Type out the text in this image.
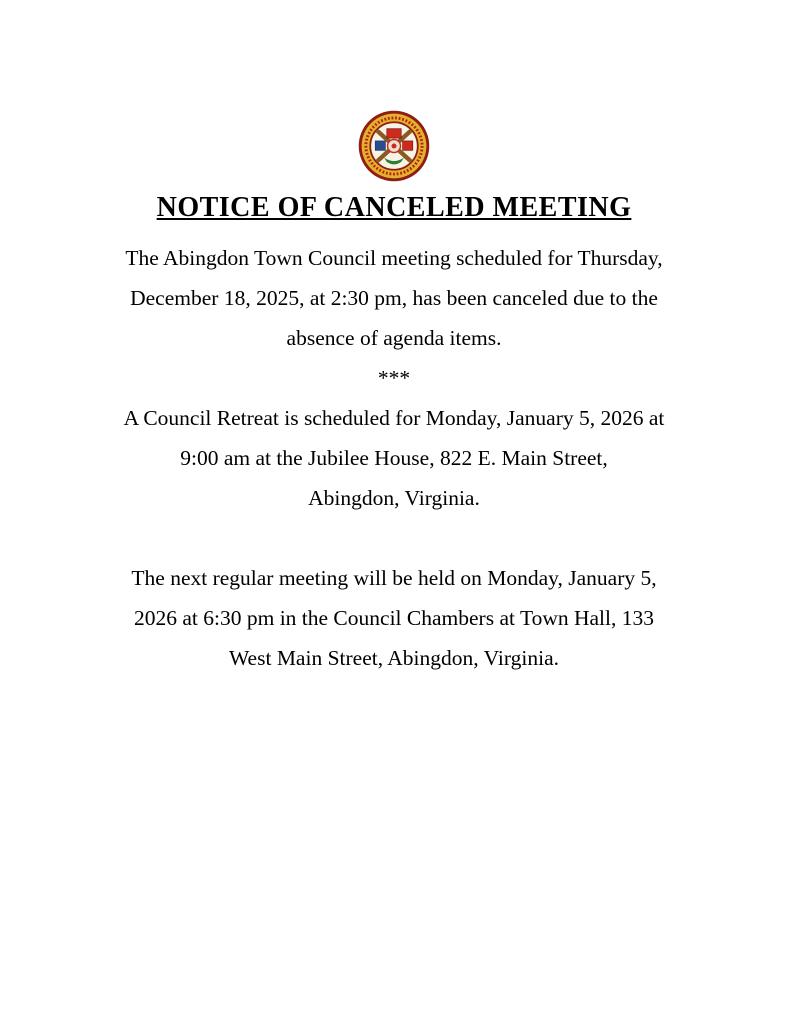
NOTICE OF CANCELED MEETING
The Abingdon Town Council meeting scheduled for Thursday,
December 18, 2025, at 2:30 pm, has been canceled due to the
absence of agenda items.
***
A Council Retreat is scheduled for Monday, January 5, 2026 at
9:00 am at the Jubilee House, 822 E. Main Street,
Abingdon, Virginia.
The next regular meeting will be held on Monday, January 5,
2026 at 6:30 pm in the Council Chambers at Town Hall, 133
West Main Street, Abingdon, Virginia.
